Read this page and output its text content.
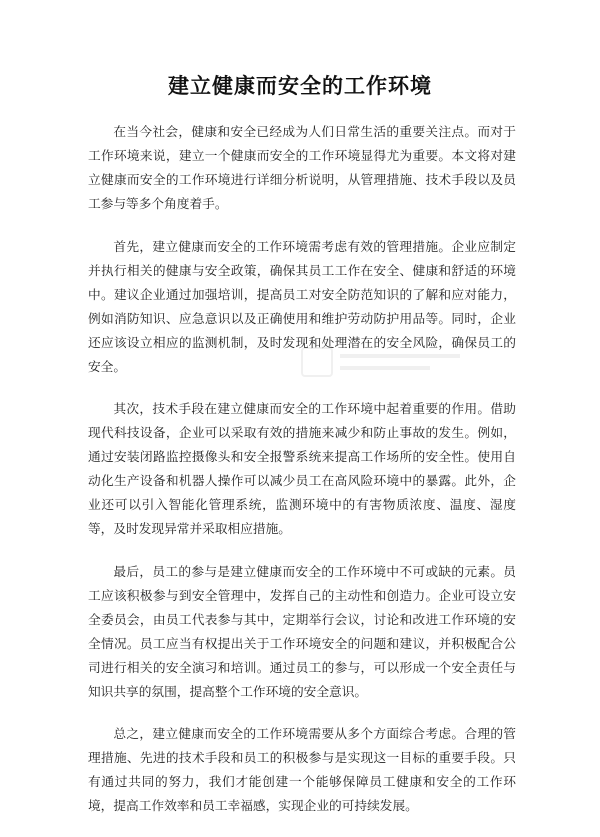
建立健康而安全的工作环境

在当今社会，健康和安全已经成为人们日常生活的重要关注点。而对于工作环境来说，建立一个健康而安全的工作环境显得尤为重要。本文将对建立健康而安全的工作环境进行详细分析说明，从管理措施、技术手段以及员工参与等多个角度着手。

首先，建立健康而安全的工作环境需考虑有效的管理措施。企业应制定并执行相关的健康与安全政策，确保其员工工作在安全、健康和舒适的环境中。建议企业通过加强培训，提高员工对安全防范知识的了解和应对能力，例如消防知识、应急意识以及正确使用和维护劳动防护用品等。同时，企业还应该设立相应的监测机制，及时发现和处理潜在的安全风险，确保员工的安全。

其次，技术手段在建立健康而安全的工作环境中起着重要的作用。借助现代科技设备，企业可以采取有效的措施来减少和防止事故的发生。例如，通过安装闭路监控摄像头和安全报警系统来提高工作场所的安全性。使用自动化生产设备和机器人操作可以减少员工在高风险环境中的暴露。此外，企业还可以引入智能化管理系统，监测环境中的有害物质浓度、温度、湿度等，及时发现异常并采取相应措施。

最后，员工的参与是建立健康而安全的工作环境中不可或缺的元素。员工应该积极参与到安全管理中，发挥自己的主动性和创造力。企业可设立安全委员会，由员工代表参与其中，定期举行会议，讨论和改进工作环境的安全情况。员工应当有权提出关于工作环境安全的问题和建议，并积极配合公司进行相关的安全演习和培训。通过员工的参与，可以形成一个安全责任与知识共享的氛围，提高整个工作环境的安全意识。

总之，建立健康而安全的工作环境需要从多个方面综合考虑。合理的管理措施、先进的技术手段和员工的积极参与是实现这一目标的重要手段。只有通过共同的努力，我们才能创建一个能够保障员工健康和安全的工作环境，提高工作效率和员工幸福感，实现企业的可持续发展。
